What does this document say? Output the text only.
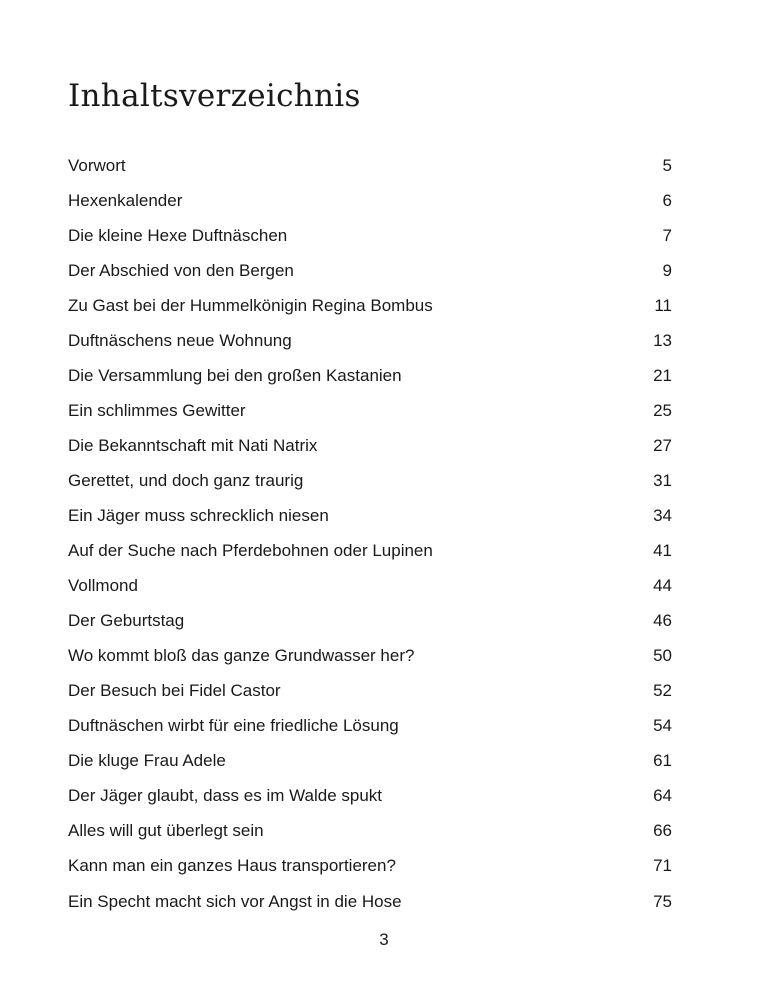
Inhaltsverzeichnis
Vorwort	5
Hexenkalender	6
Die kleine Hexe Duftnäschen	7
Der Abschied von den Bergen	9
Zu Gast bei der Hummelkönigin Regina Bombus	11
Duftnäschens neue Wohnung	13
Die Versammlung bei den großen Kastanien	21
Ein schlimmes Gewitter	25
Die Bekanntschaft mit Nati Natrix	27
Gerettet, und doch ganz traurig	31
Ein Jäger muss schrecklich niesen	34
Auf der Suche nach Pferdebohnen oder Lupinen	41
Vollmond	44
Der Geburtstag	46
Wo kommt bloß das ganze Grundwasser her?	50
Der Besuch bei Fidel Castor	52
Duftnäschen wirbt für eine friedliche Lösung	54
Die kluge Frau Adele	61
Der Jäger glaubt, dass es im Walde spukt	64
Alles will gut überlegt sein	66
Kann man ein ganzes Haus transportieren?	71
Ein Specht macht sich vor Angst in die Hose	75
3
